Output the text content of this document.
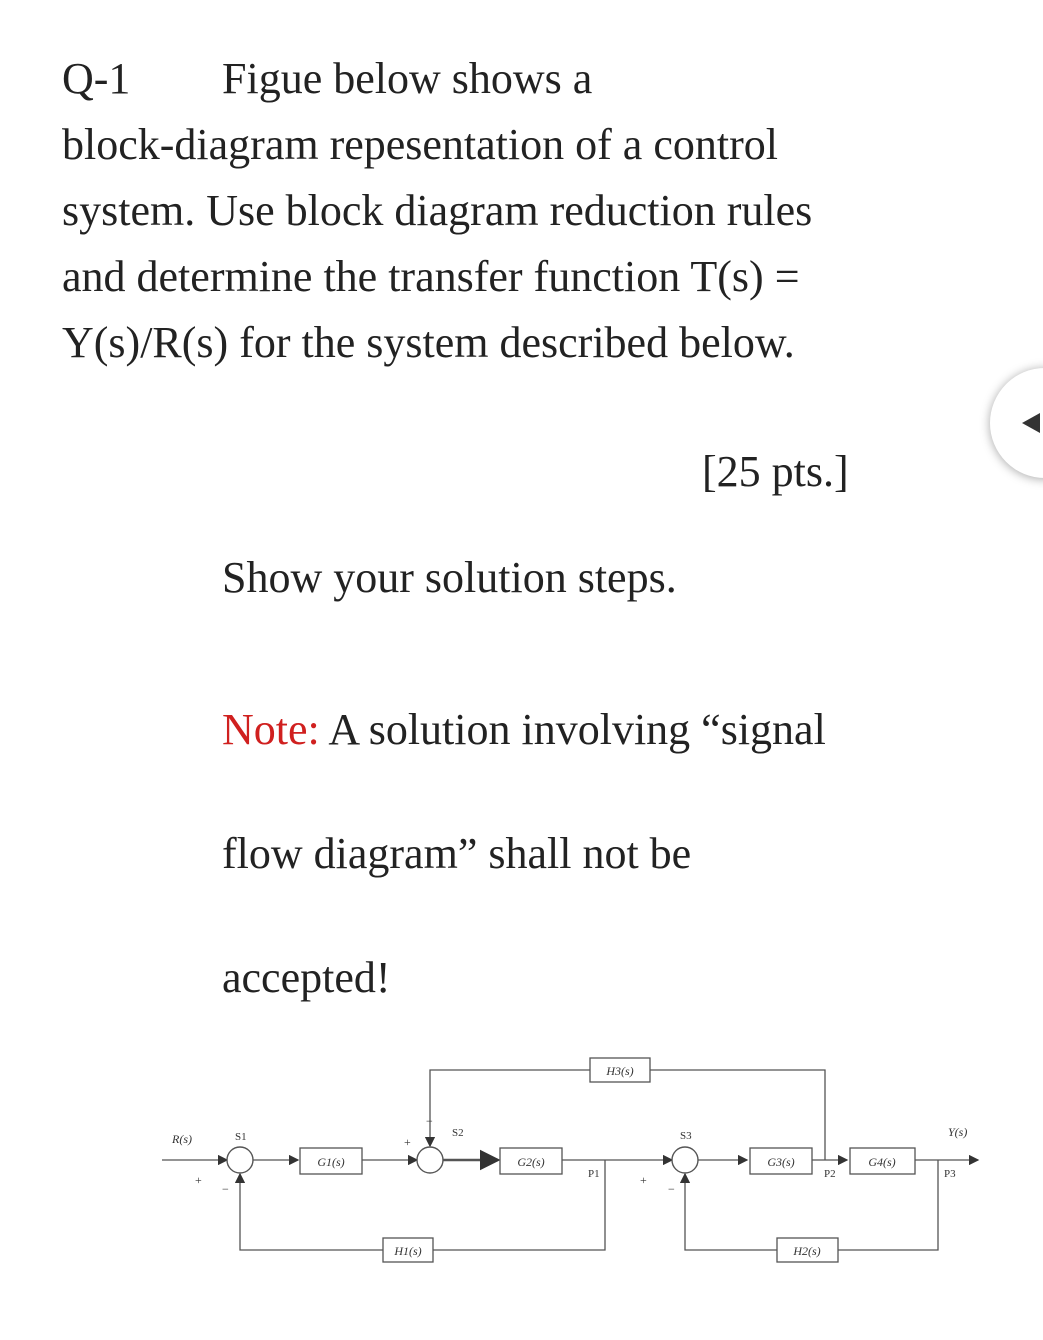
Q-1 Figue below shows a
block-diagram repesentation of a control
system. Use block diagram reduction rules
and determine the transfer function T(s) =
Y(s)/R(s) for the system described below.
[25 pts.]
Show your solution steps.
Note: A solution involving “signal
flow diagram” shall not be
accepted!
G1(s)	G2(s)	G3(s)	G4(s)
H1(s)	H2(s)
H3(s)
R(s)	Y(s)
S1	S2	S3
P1	P2	P3
+
−
+
−
+
−
